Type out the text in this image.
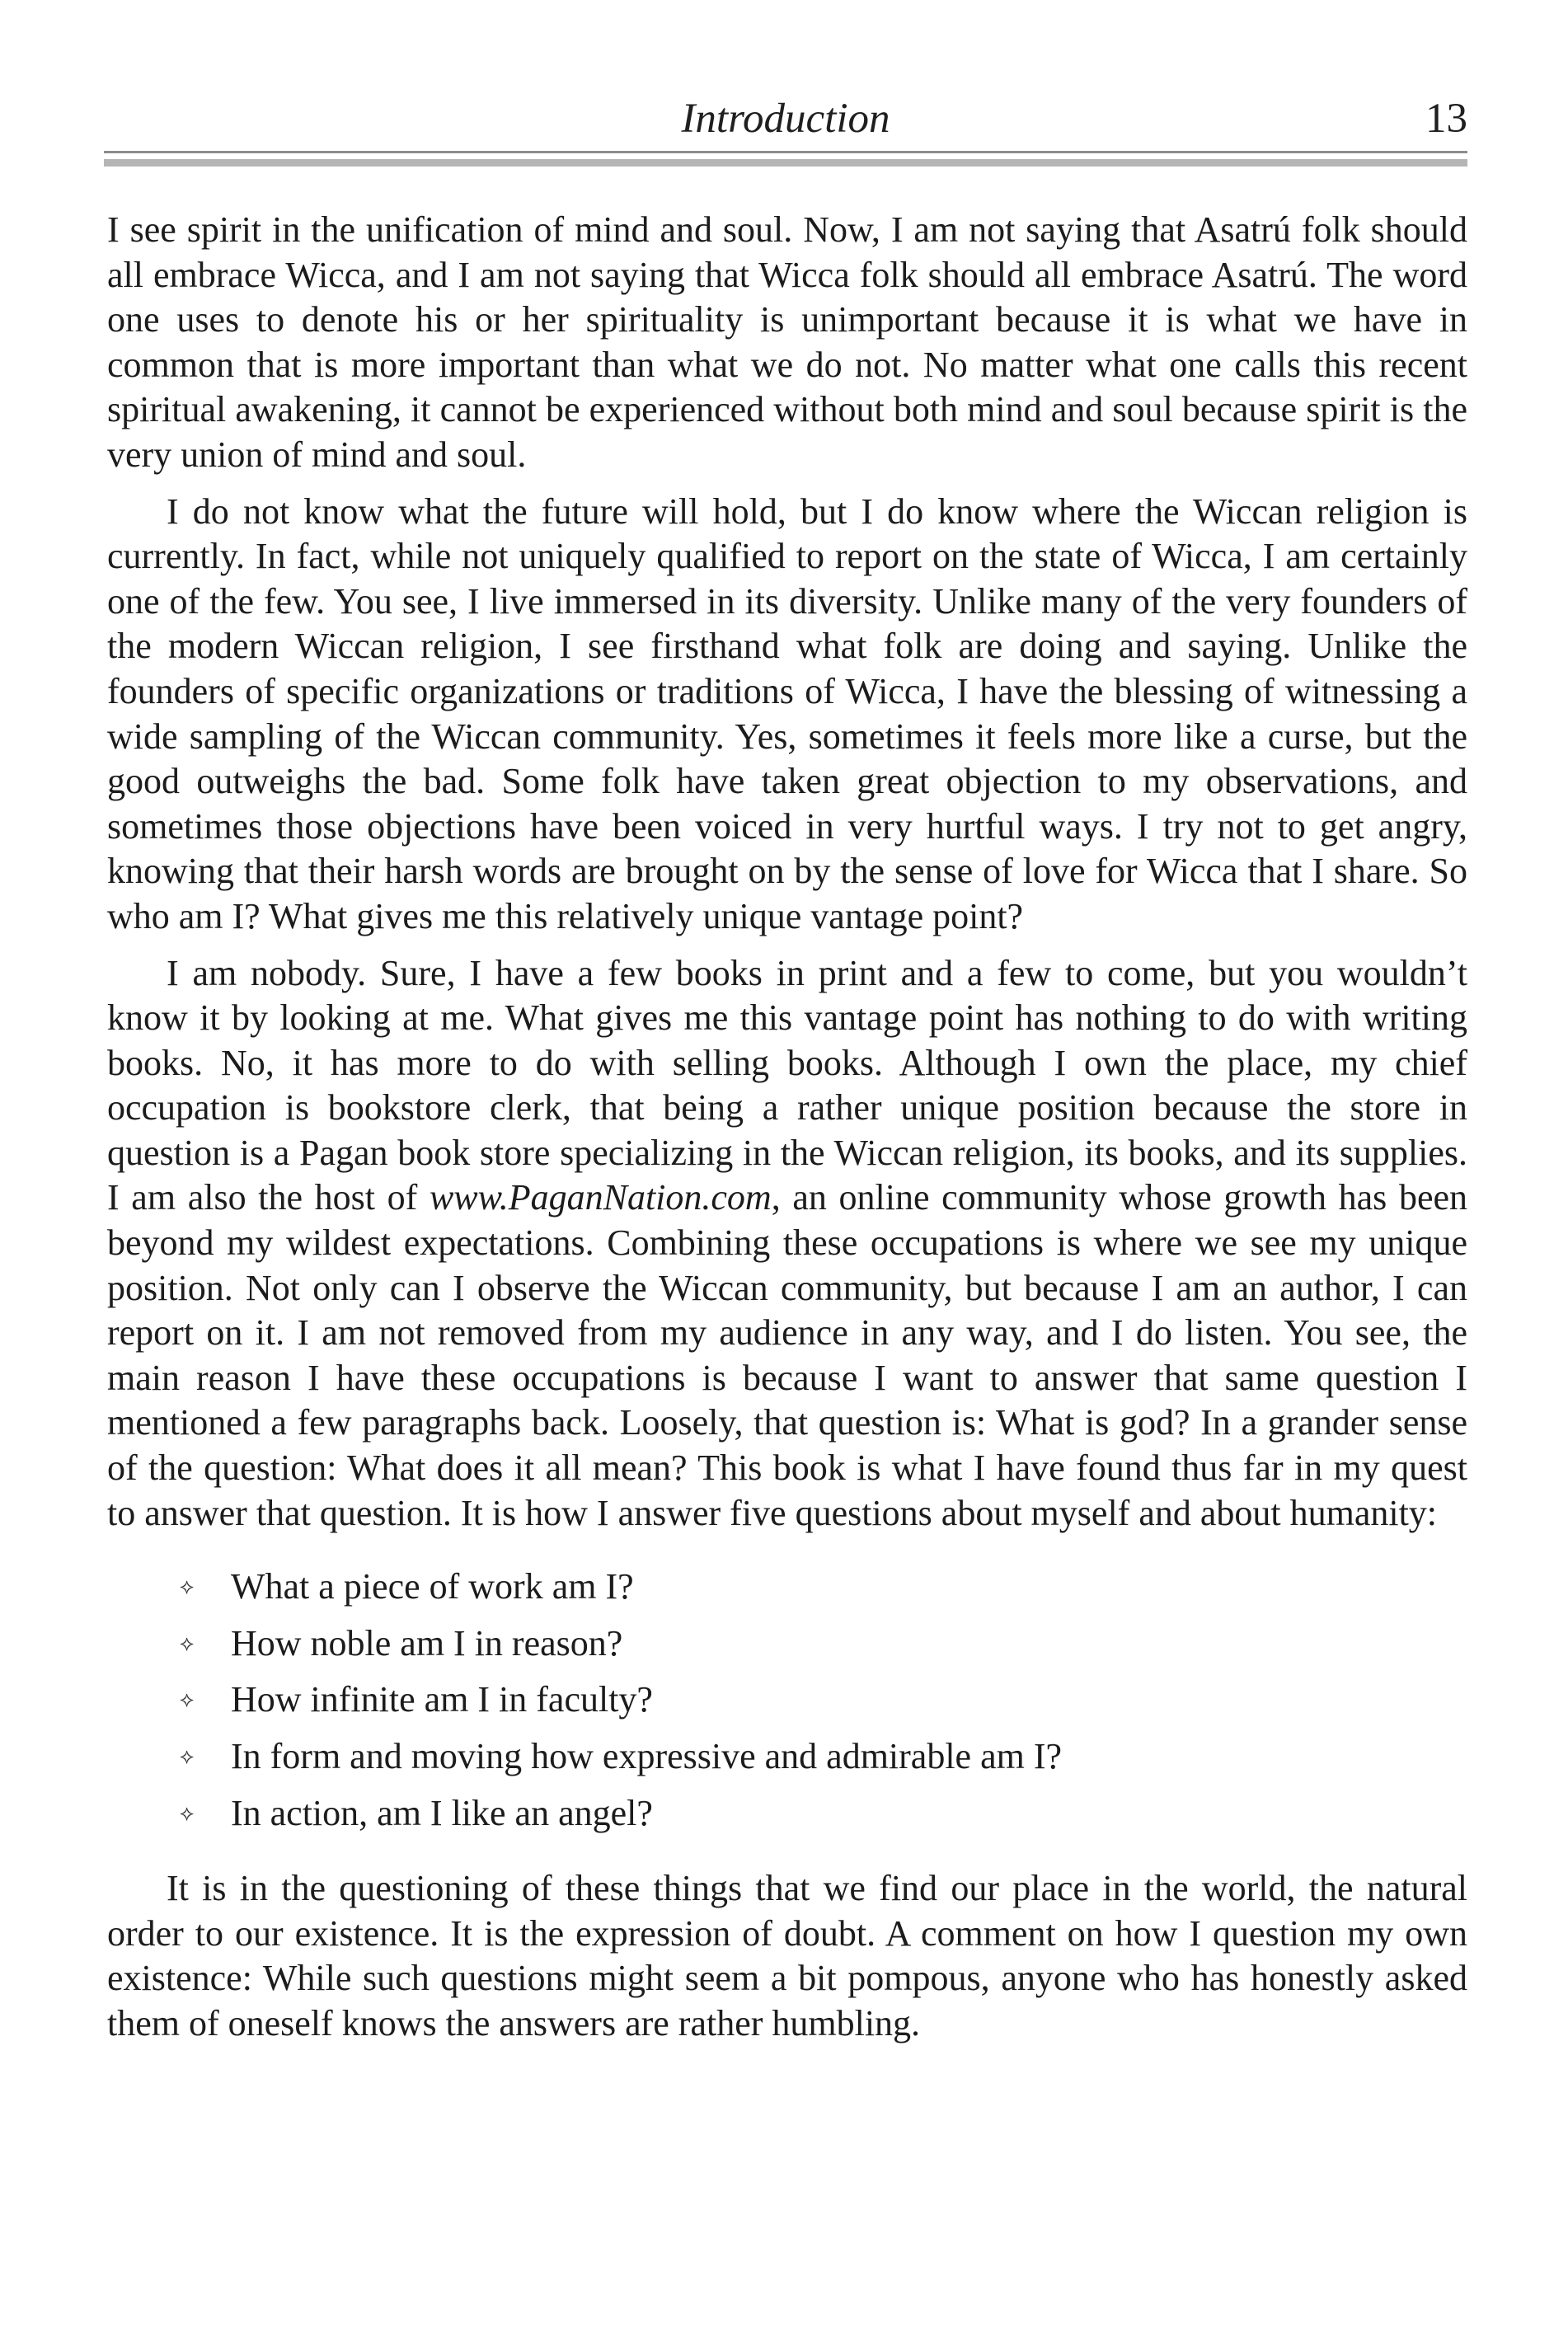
Introduction	13

I see spirit in the unification of mind and soul. Now, I am not saying that Asatrú folk should all embrace Wicca, and I am not saying that Wicca folk should all embrace Asatrú. The word one uses to denote his or her spirituality is unimportant because it is what we have in common that is more important than what we do not. No matter what one calls this recent spiritual awakening, it cannot be experienced without both mind and soul because spirit is the very union of mind and soul.

I do not know what the future will hold, but I do know where the Wiccan religion is currently. In fact, while not uniquely qualified to report on the state of Wicca, I am certainly one of the few. You see, I live immersed in its diversity. Unlike many of the very founders of the modern Wiccan religion, I see firsthand what folk are doing and saying. Unlike the founders of specific organizations or traditions of Wicca, I have the blessing of witnessing a wide sampling of the Wiccan community. Yes, sometimes it feels more like a curse, but the good outweighs the bad. Some folk have taken great objection to my observations, and sometimes those objections have been voiced in very hurtful ways. I try not to get angry, knowing that their harsh words are brought on by the sense of love for Wicca that I share. So who am I? What gives me this relatively unique vantage point?

I am nobody. Sure, I have a few books in print and a few to come, but you wouldn’t know it by looking at me. What gives me this vantage point has nothing to do with writing books. No, it has more to do with selling books. Although I own the place, my chief occupation is bookstore clerk, that being a rather unique position because the store in question is a Pagan book store specializing in the Wiccan religion, its books, and its supplies. I am also the host of www.PaganNation.com, an online community whose growth has been beyond my wildest expectations. Combining these occupations is where we see my unique position. Not only can I observe the Wiccan community, but because I am an author, I can report on it. I am not removed from my audience in any way, and I do listen. You see, the main reason I have these occupations is because I want to answer that same question I mentioned a few paragraphs back. Loosely, that question is: What is god? In a grander sense of the question: What does it all mean? This book is what I have found thus far in my quest to answer that question. It is how I answer five questions about myself and about humanity:

⟡ What a piece of work am I?
⟡ How noble am I in reason?
⟡ How infinite am I in faculty?
⟡ In form and moving how expressive and admirable am I?
⟡ In action, am I like an angel?

It is in the questioning of these things that we find our place in the world, the natural order to our existence. It is the expression of doubt. A comment on how I question my own existence: While such questions might seem a bit pompous, anyone who has honestly asked them of oneself knows the answers are rather humbling.
